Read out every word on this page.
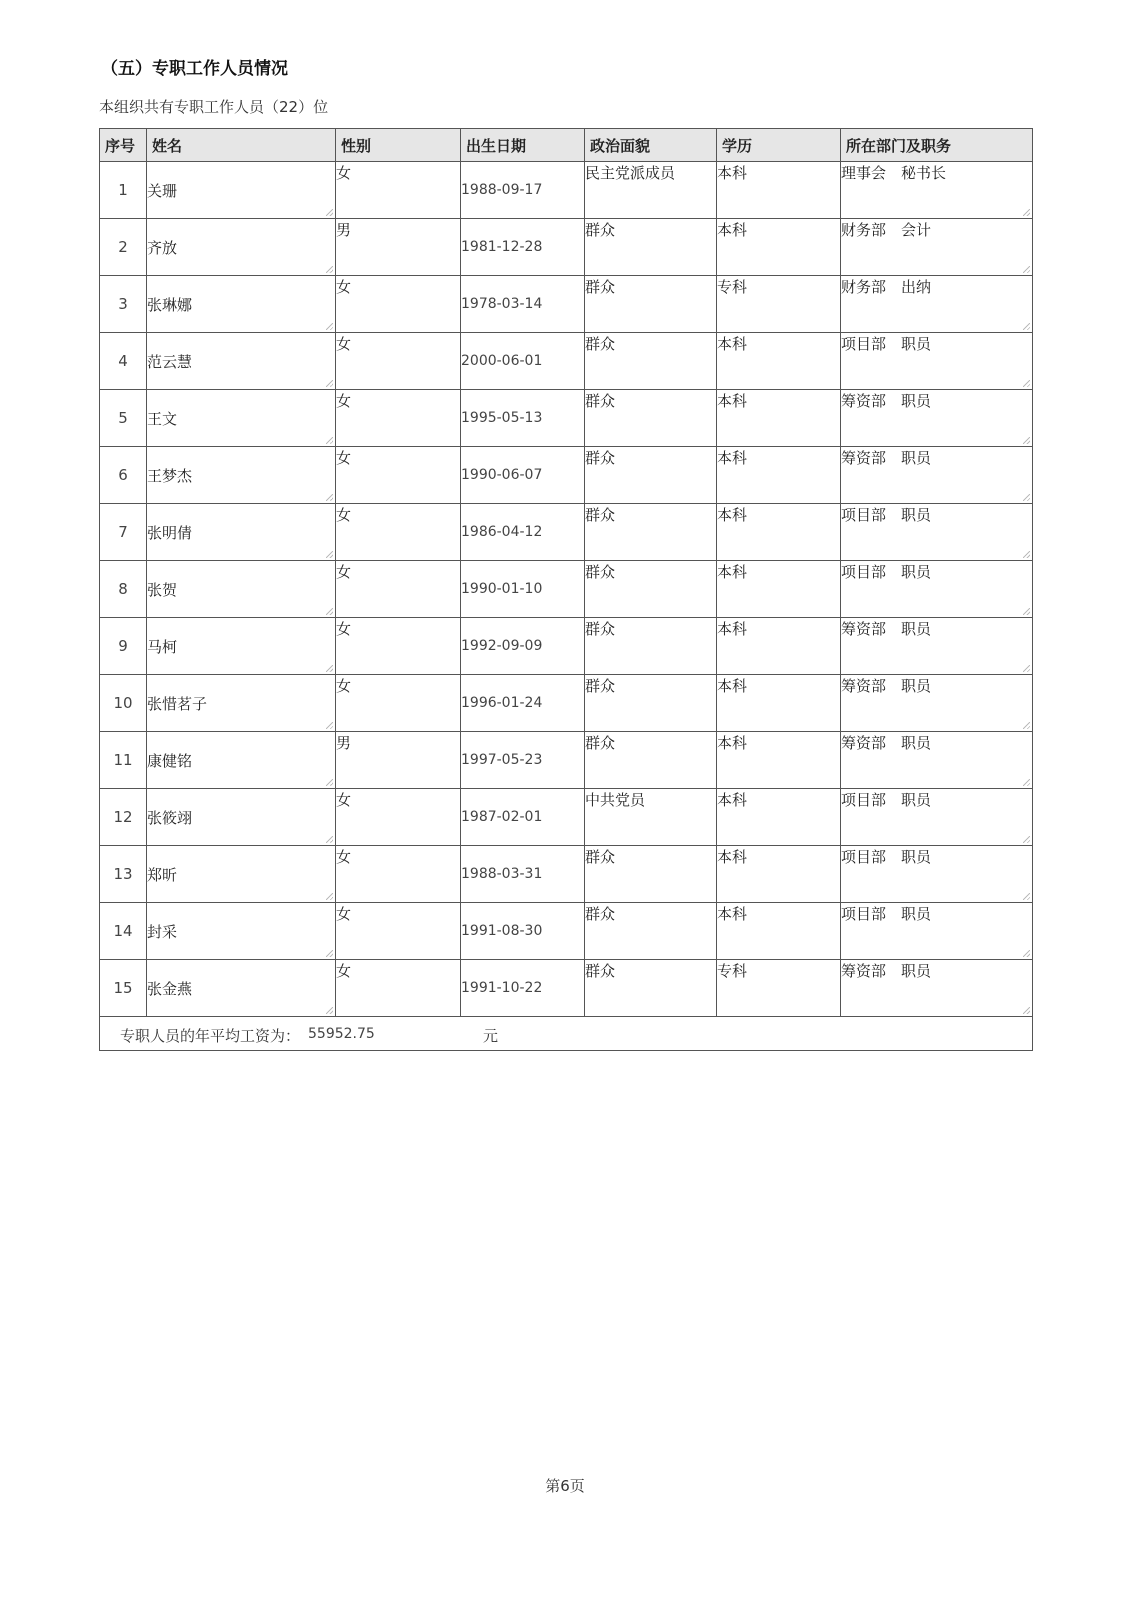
（五）专职工作人员情况
本组织共有专职工作人员（22）位
序号	姓名	性别	出生日期	政治面貌	学历	所在部门及职务
1	关珊	女	1988-09-17	民主党派成员	本科	理事会　秘书长

2	齐放	男	1981-12-28	群众	本科	财务部　会计

3	张琳娜	女	1978-03-14	群众	专科	财务部　出纳

4	范云慧	女	2000-06-01	群众	本科	项目部　职员

5	王文	女	1995-05-13	群众	本科	筹资部　职员

6	王梦杰	女	1990-06-07	群众	本科	筹资部　职员

7	张明倩	女	1986-04-12	群众	本科	项目部　职员

8	张贺	女	1990-01-10	群众	本科	项目部　职员

9	马柯	女	1992-09-09	群众	本科	筹资部　职员

10	张惜茗子	女	1996-01-24	群众	本科	筹资部　职员

11	康健铭	男	1997-05-23	群众	本科	筹资部　职员

12	张筱翊	女	1987-02-01	中共党员	本科	项目部　职员

13	郑昕	女	1988-03-31	群众	本科	项目部　职员

14	封采	女	1991-08-30	群众	本科	项目部　职员

15	张金燕	女	1991-10-22	群众	专科	筹资部　职员

专职人员的年平均工资为： 55952.75 元						
第6页
